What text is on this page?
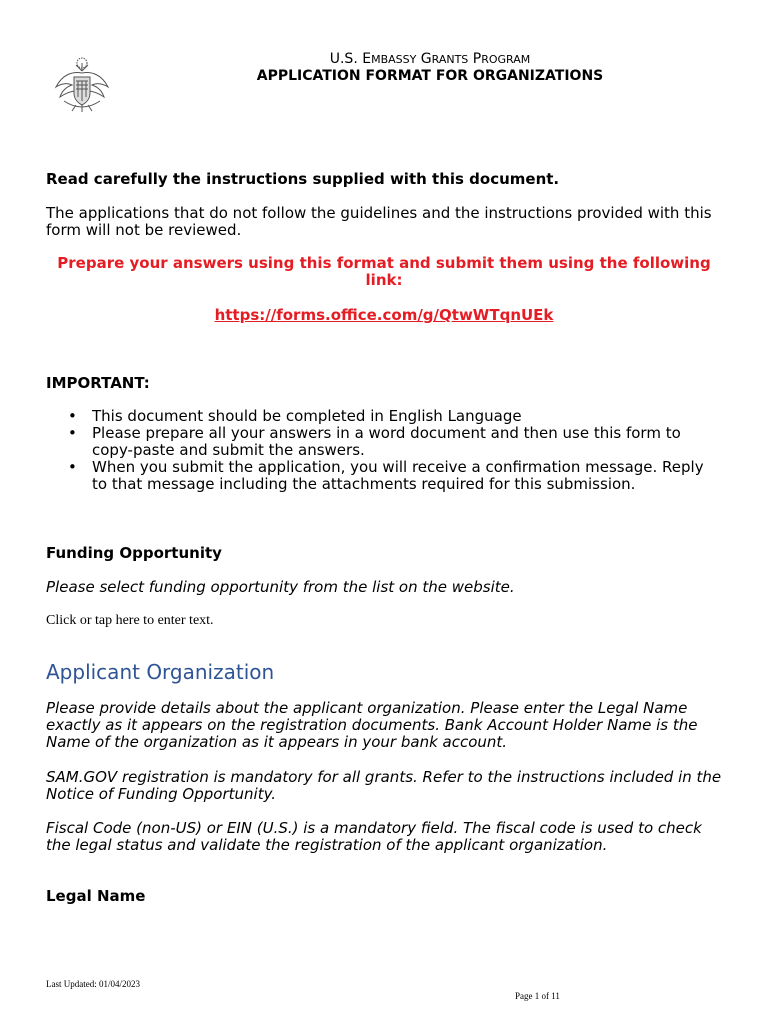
U.S. EMBASSY GRANTS PROGRAM
APPLICATION FORMAT FOR ORGANIZATIONS
Read carefully the instructions supplied with this document.
The applications that do not follow the guidelines and the instructions provided with this form will not be reviewed.
Prepare your answers using this format and submit them using the following link:
https://forms.office.com/g/QtwWTqnUEk
IMPORTANT:
• This document should be completed in English Language
• Please prepare all your answers in a word document and then use this form to copy-paste and submit the answers.
• When you submit the application, you will receive a confirmation message. Reply to that message including the attachments required for this submission.
Funding Opportunity
Please select funding opportunity from the list on the website.
Click or tap here to enter text.
Applicant Organization
Please provide details about the applicant organization. Please enter the Legal Name exactly as it appears on the registration documents. Bank Account Holder Name is the Name of the organization as it appears in your bank account.
SAM.GOV registration is mandatory for all grants. Refer to the instructions included in the Notice of Funding Opportunity.
Fiscal Code (non-US) or EIN (U.S.) is a mandatory field. The fiscal code is used to check the legal status and validate the registration of the applicant organization.
Legal Name
Last Updated: 01/04/2023
Page 1 of 11
